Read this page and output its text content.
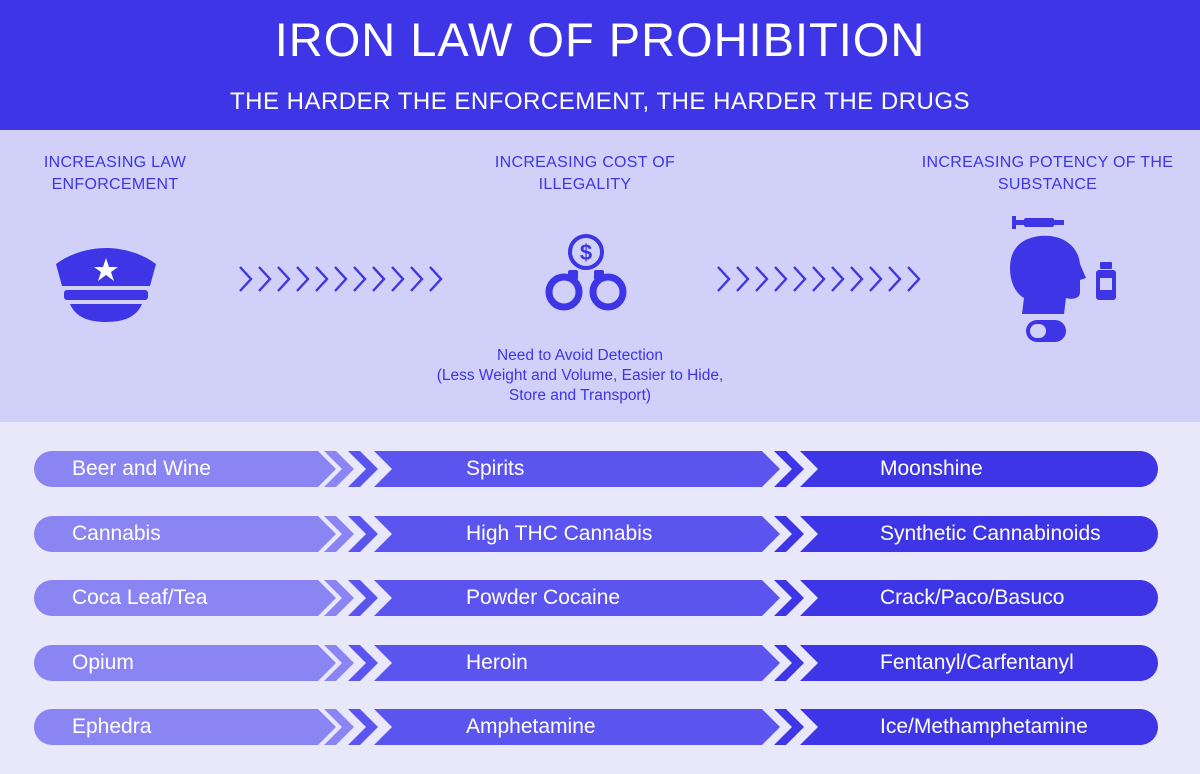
IRON LAW OF PROHIBITION
THE HARDER THE ENFORCEMENT, THE HARDER THE DRUGS
INCREASING LAW ENFORCEMENT
INCREASING COST OF ILLEGALITY
INCREASING POTENCY OF THE SUBSTANCE
$
Need to Avoid Detection
(Less Weight and Volume, Easier to Hide,
Store and Transport)
Beer and Wine	Spirits	Moonshine
Cannabis	High THC Cannabis	Synthetic Cannabinoids
Coca Leaf/Tea	Powder Cocaine	Crack/Paco/Basuco
Opium	Heroin	Fentanyl/Carfentanyl
Ephedra	Amphetamine	Ice/Methamphetamine
